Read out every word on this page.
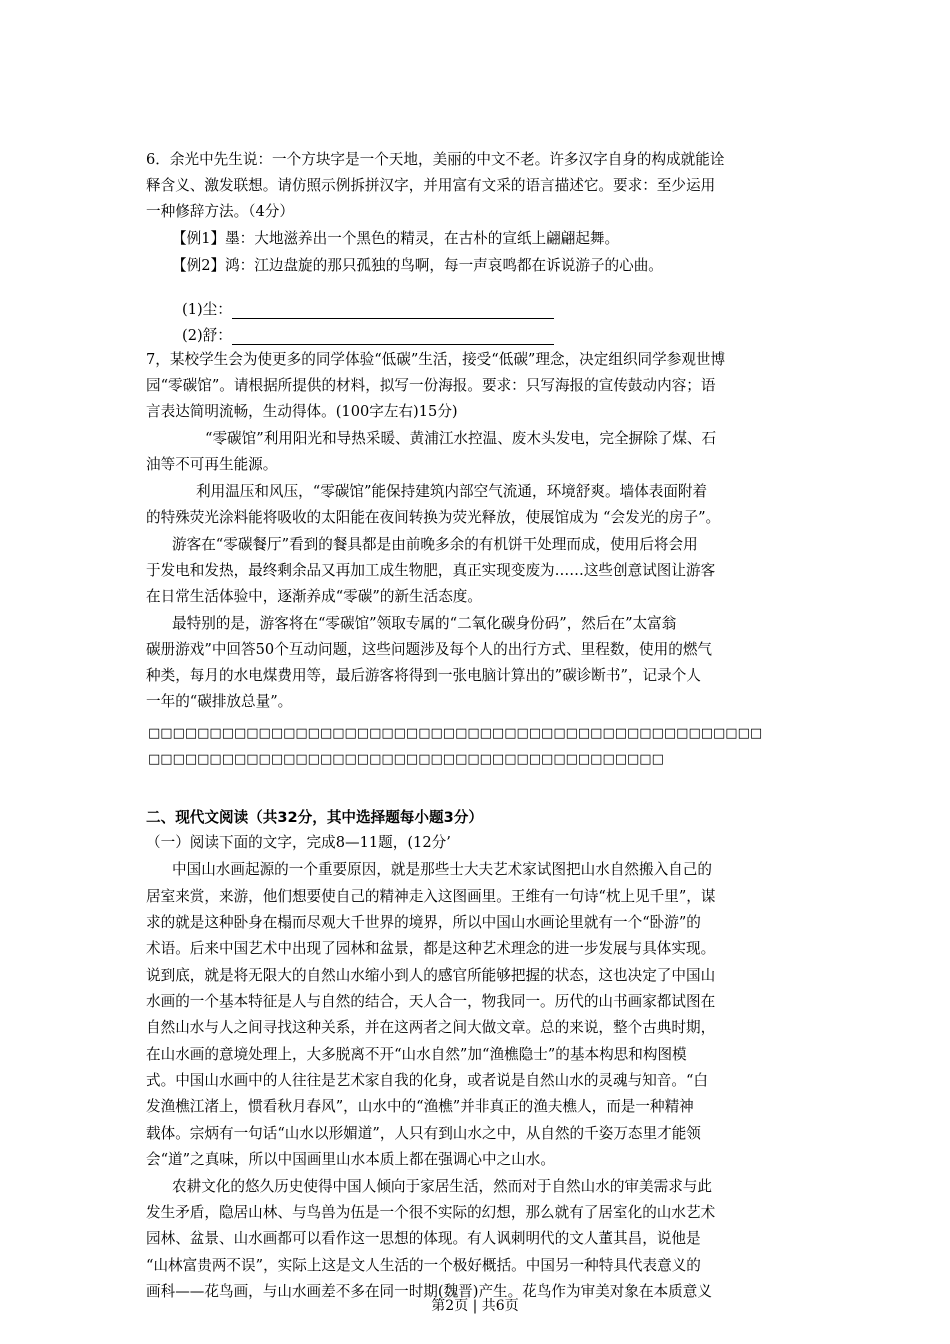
6．余光中先生说：一个方块字是一个天地，美丽的中文不老。许多汉字自身的构成就能诠
释含义、激发联想。请仿照示例拆拼汉字，并用富有文采的语言描述它。要求：至少运用
一种修辞方法。（4分）
【例1】墨：大地滋养出一个黑色的精灵，在古朴的宣纸上翩翩起舞。
【例2】鸿：江边盘旋的那只孤独的鸟啊，每一声哀鸣都在诉说游子的心曲。
(1)尘：
(2)舒：
7，某校学生会为使更多的同学体验“低碳”生活，接受“低碳”理念，决定组织同学参观世博
园“零碳馆”。请根据所提供的材料，拟写一份海报。要求：只写海报的宣传鼓动内容；语
言表达简明流畅，生动得体。(100字左右)15分)
“零碳馆”利用阳光和导热采暖、黄浦江水控温、废木头发电，完全摒除了煤、石
油等不可再生能源。
利用温压和风压，“零碳馆”能保持建筑内部空气流通，环境舒爽。墙体表面附着
的特殊荧光涂料能将吸收的太阳能在夜间转换为荧光释放，使展馆成为 “会发光的房子”。
游客在“零碳餐厅”看到的餐具都是由前晚多余的有机饼干处理而成，使用后将会用
于发电和发热，最终剩余品又再加工成生物肥，真正实现变废为……这些创意试图让游客
在日常生活体验中，逐渐养成“零碳”的新生活态度。
最特别的是，游客将在“零碳馆”领取专属的“二氧化碳身份码”，然后在”太富翁
碳册游戏”中回答50个互动问题，这些问题涉及每个人的出行方式、里程数，使用的燃气
种类，每月的水电煤费用等，最后游客将得到一张电脑计算出的”碳诊断书”，记录个人
一年的“碳排放总量”。
□□□□□□□□□□□□□□□□□□□□□□□□□□□□□□□□□□□□□□□□□□□□□□□□□□
□□□□□□□□□□□□□□□□□□□□□□□□□□□□□□□□□□□□□□□□□□
二、现代文阅读（共32分，其中选择题每小题3分）
（一）阅读下面的文字，完成8—11题，(12分’
中国山水画起源的一个重要原因，就是那些士大夫艺术家试图把山水自然搬入自己的
居室来赏，来游，他们想要使自己的精神走入这图画里。王维有一句诗“枕上见千里”，谋
求的就是这种卧身在榻而尽观大千世界的境界，所以中国山水画论里就有一个“卧游”的
术语。后来中国艺术中出现了园林和盆景，都是这种艺术理念的进一步发展与具体实现。
说到底，就是将无限大的自然山水缩小到人的感官所能够把握的状态，这也决定了中国山
水画的一个基本特征是人与自然的结合，天人合一，物我同一。历代的山书画家都试图在
自然山水与人之间寻找这种关系，并在这两者之间大做文章。总的来说，整个古典时期，
在山水画的意境处理上，大多脱离不开“山水自然”加“渔樵隐士”的基本构思和构图模
式。中国山水画中的人往往是艺术家自我的化身，或者说是自然山水的灵魂与知音。“白
发渔樵江渚上，惯看秋月春风”，山水中的“渔樵”并非真正的渔夫樵人，而是一种精神
载体。宗炳有一句话“山水以形媚道”，人只有到山水之中，从自然的千姿万态里才能领
会“道”之真味，所以中国画里山水本质上都在强调心中之山水。
农耕文化的悠久历史使得中国人倾向于家居生活，然而对于自然山水的审美需求与此
发生矛盾，隐居山林、与鸟兽为伍是一个很不实际的幻想，那么就有了居室化的山水艺术
园林、盆景、山水画都可以看作这一思想的体现。有人讽刺明代的文人董其昌，说他是
“山林富贵两不误”，实际上这是文人生活的一个极好概括。中国另一种特具代表意义的
画科——花鸟画，与山水画差不多在同一时期(魏晋)产生。花鸟作为审美对象在本质意义
第2页 | 共6页
